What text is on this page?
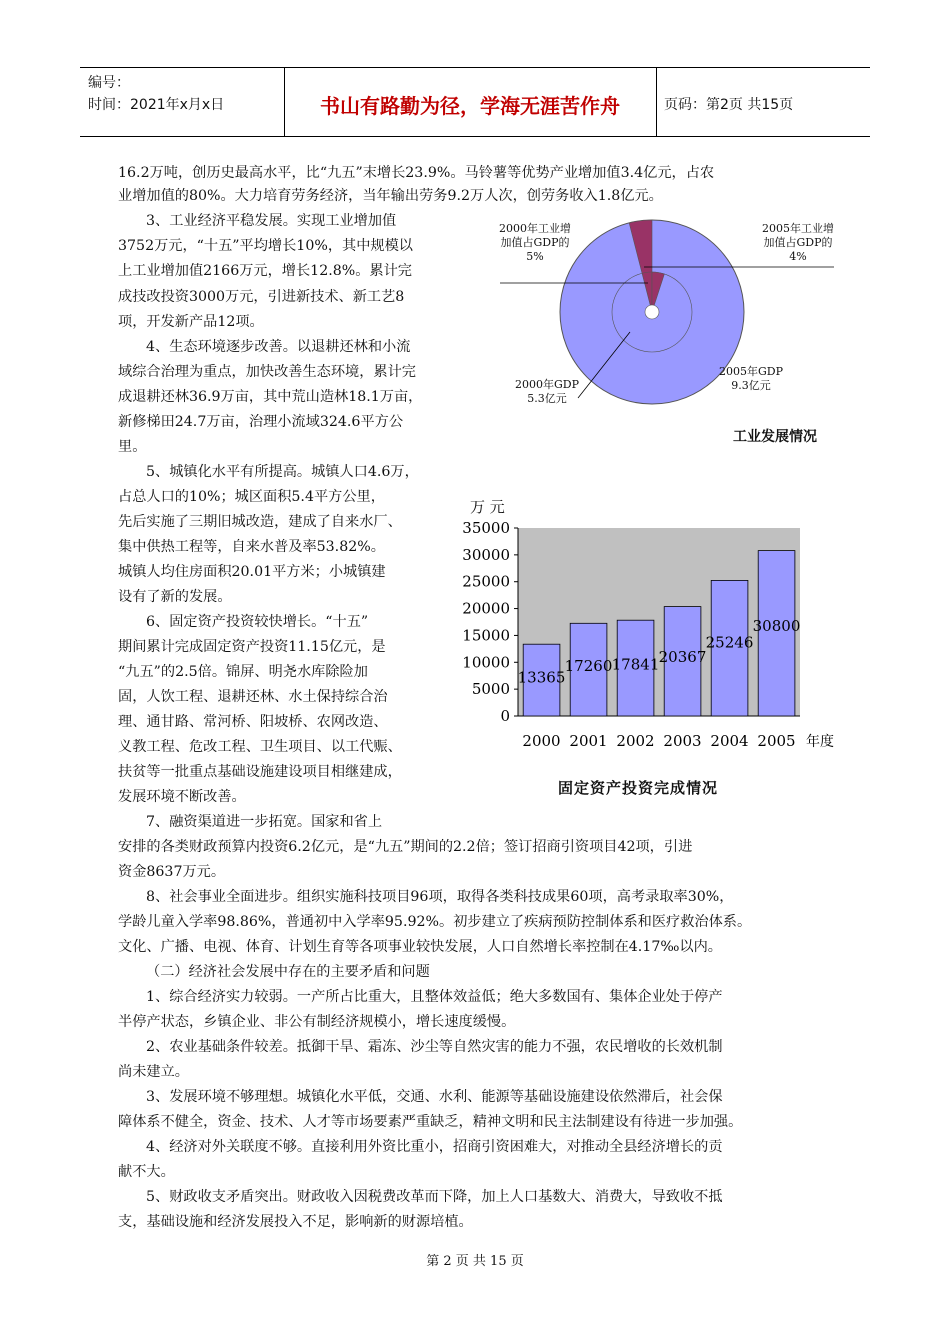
编号：
时间：2021年x月x日	书山有路勤为径，学海无涯苦作舟	页码：第2页 共15页
16.2万吨，创历史最高水平，比“九五”末增长23.9%。马铃薯等优势产业增加值3.4亿元，占农
业增加值的80%。大力培育劳务经济，当年输出劳务9.2万人次，创劳务收入1.8亿元。
3、工业经济平稳发展。实现工业增加值
3752万元，“十五”平均增长10%，其中规模以
上工业增加值2166万元，增长12.8%。累计完
成技改投资3000万元，引进新技术、新工艺8
项，开发新产品12项。
4、生态环境逐步改善。以退耕还林和小流
域综合治理为重点，加快改善生态环境，累计完
成退耕还林36.9万亩，其中荒山造林18.1万亩，
新修梯田24.7万亩，治理小流域324.6平方公
里。
5、城镇化水平有所提高。城镇人口4.6万，
占总人口的10%；城区面积5.4平方公里，
先后实施了三期旧城改造，建成了自来水厂、
集中供热工程等，自来水普及率53.82%。
城镇人均住房面积20.01平方米；小城镇建
设有了新的发展。
6、固定资产投资较快增长。“十五”
期间累计完成固定资产投资11.15亿元，是
“九五”的2.5倍。锦屏、明尧水库除险加
固，人饮工程、退耕还林、水土保持综合治
理、通甘路、常河桥、阳坡桥、农网改造、
义教工程、危改工程、卫生项目、以工代赈、
扶贫等一批重点基础设施建设项目相继建成，
发展环境不断改善。
7、融资渠道进一步拓宽。国家和省上
安排的各类财政预算内投资6.2亿元，是“九五”期间的2.2倍；签订招商引资项目42项，引进
资金8637万元。
8、社会事业全面进步。组织实施科技项目96项，取得各类科技成果60项，高考录取率30%，
学龄儿童入学率98.86%，普通初中入学率95.92%。初步建立了疾病预防控制体系和医疗救治体系。
文化、广播、电视、体育、计划生育等各项事业较快发展，人口自然增长率控制在4.17‰以内。
（二）经济社会发展中存在的主要矛盾和问题
1、综合经济实力较弱。一产所占比重大，且整体效益低；绝大多数国有、集体企业处于停产
半停产状态，乡镇企业、非公有制经济规模小，增长速度缓慢。
2、农业基础条件较差。抵御干旱、霜冻、沙尘等自然灾害的能力不强，农民增收的长效机制
尚未建立。
3、发展环境不够理想。城镇化水平低，交通、水利、能源等基础设施建设依然滞后，社会保
障体系不健全，资金、技术、人才等市场要素严重缺乏，精神文明和民主法制建设有待进一步加强。
4、经济对外关联度不够。直接利用外资比重小，招商引资困难大，对推动全县经济增长的贡
献不大。
5、财政收支矛盾突出。财政收入因税费改革而下降，加上人口基数大、消费大，导致收不抵
支，基础设施和经济发展投入不足，影响新的财源培植。
2000年工业增加值占GDP的5%
2005年工业增加值占GDP的4%
2005年GDP 9.3亿元
2000年GDP 5.3亿元
工业发展情况
万 元
0
5000
10000
15000
20000
25000
30000
35000
13365
2000
17260
2001
17841
2002
20367
2003
25246
2004
30800
2005 年度
固定资产投资完成情况
第 2 页 共 15 页
